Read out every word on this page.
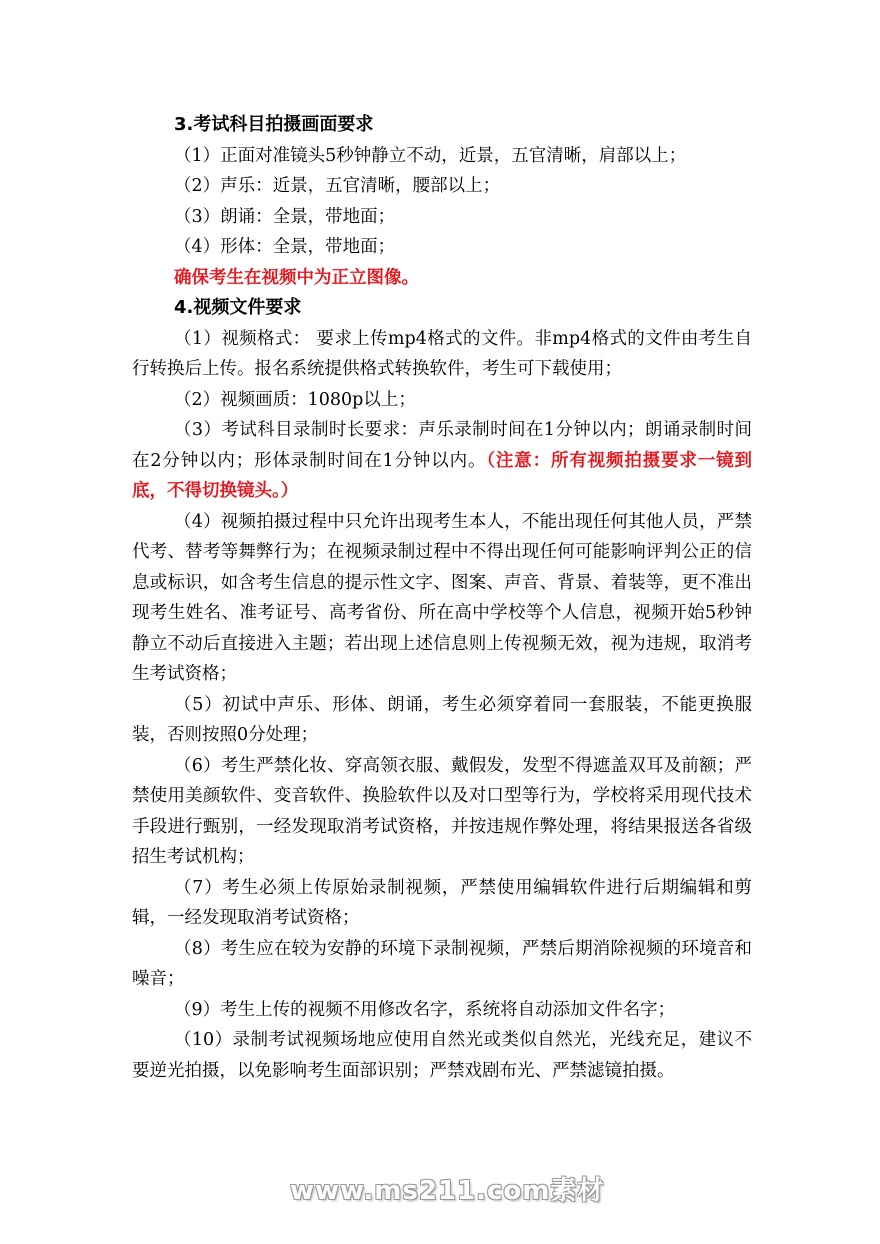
3.考试科目拍摄画面要求

（1）正面对准镜头5秒钟静立不动，近景，五官清晰，肩部以上；

（2）声乐：近景，五官清晰，腰部以上；

（3）朗诵：全景，带地面；

（4）形体：全景，带地面；

确保考生在视频中为正立图像。

4.视频文件要求

（1）视频格式： 要求上传mp4格式的文件。非mp4格式的文件由考生自行转换后上传。报名系统提供格式转换软件，考生可下载使用；

（2）视频画质：1080p以上；

（3）考试科目录制时长要求：声乐录制时间在1分钟以内；朗诵录制时间在2分钟以内；形体录制时间在1分钟以内。（注意：所有视频拍摄要求一镜到底，不得切换镜头。）

（4）视频拍摄过程中只允许出现考生本人，不能出现任何其他人员，严禁代考、替考等舞弊行为；在视频录制过程中不得出现任何可能影响评判公正的信息或标识，如含考生信息的提示性文字、图案、声音、背景、着装等，更不准出现考生姓名、准考证号、高考省份、所在高中学校等个人信息，视频开始5秒钟静立不动后直接进入主题；若出现上述信息则上传视频无效，视为违规，取消考生考试资格；

（5）初试中声乐、形体、朗诵，考生必须穿着同一套服装，不能更换服装，否则按照0分处理；

（6）考生严禁化妆、穿高领衣服、戴假发，发型不得遮盖双耳及前额；严禁使用美颜软件、变音软件、换脸软件以及对口型等行为，学校将采用现代技术手段进行甄别，一经发现取消考试资格，并按违规作弊处理，将结果报送各省级招生考试机构；

（7）考生必须上传原始录制视频，严禁使用编辑软件进行后期编辑和剪辑，一经发现取消考试资格；

（8）考生应在较为安静的环境下录制视频，严禁后期消除视频的环境音和噪音；

（9）考生上传的视频不用修改名字，系统将自动添加文件名字；

（10）录制考试视频场地应使用自然光或类似自然光，光线充足，建议不要逆光拍摄，以免影响考生面部识别；严禁戏剧布光、严禁滤镜拍摄。

www.ms211.com素材
